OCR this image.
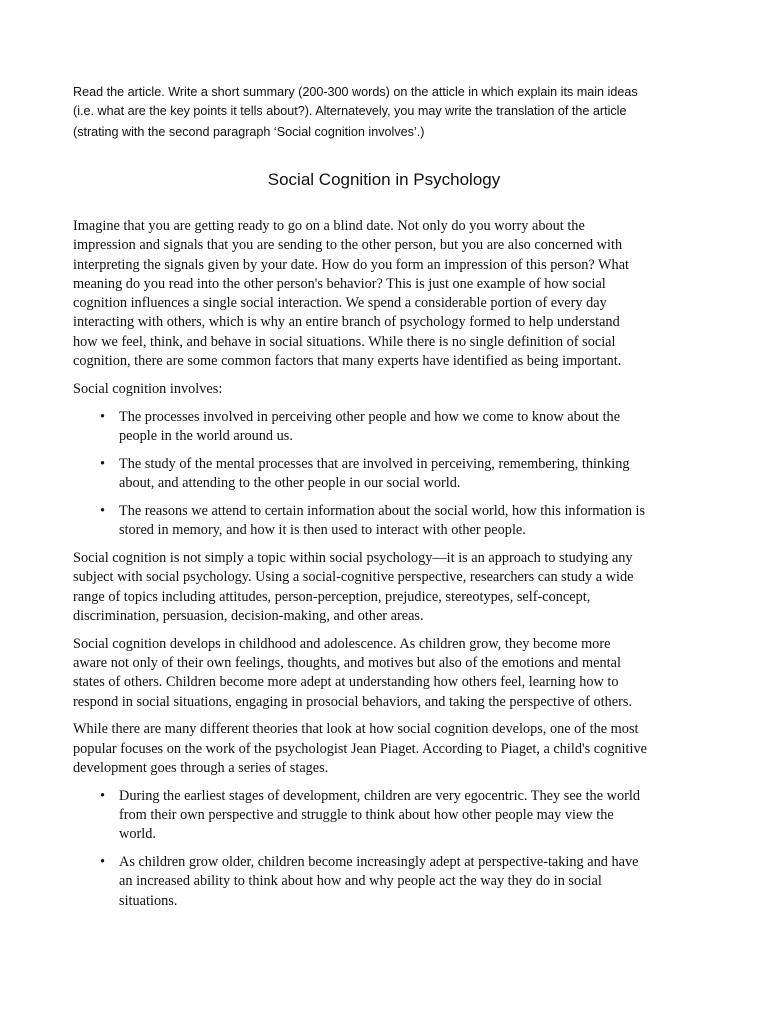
Read the article. Write a short summary (200-300 words) on the atticle in which explain its main ideas
(i.e. what are the key points it tells about?). Alternatevely, you may write the translation of the article
(strating with the second paragraph ‘Social cognition involves’.)
Social Cognition in Psychology

Imagine that you are getting ready to go on a blind date. Not only do you worry about the
impression and signals that you are sending to the other person, but you are also concerned with
interpreting the signals given by your date. How do you form an impression of this person? What
meaning do you read into the other person's behavior? This is just one example of how social
cognition influences a single social interaction. We spend a considerable portion of every day
interacting with others, which is why an entire branch of psychology formed to help understand
how we feel, think, and behave in social situations. While there is no single definition of social
cognition, there are some common factors that many experts have identified as being important.

Social cognition involves:

• The processes involved in perceiving other people and how we come to know about the
people in the world around us.
• The study of the mental processes that are involved in perceiving, remembering, thinking
about, and attending to the other people in our social world.
• The reasons we attend to certain information about the social world, how this information is
stored in memory, and how it is then used to interact with other people.

Social cognition is not simply a topic within social psychology—it is an approach to studying any
subject with social psychology. Using a social-cognitive perspective, researchers can study a wide
range of topics including attitudes, person-perception, prejudice, stereotypes, self-concept,
discrimination, persuasion, decision-making, and other areas.

Social cognition develops in childhood and adolescence. As children grow, they become more
aware not only of their own feelings, thoughts, and motives but also of the emotions and mental
states of others. Children become more adept at understanding how others feel, learning how to
respond in social situations, engaging in prosocial behaviors, and taking the perspective of others.

While there are many different theories that look at how social cognition develops, one of the most
popular focuses on the work of the psychologist Jean Piaget. According to Piaget, a child's cognitive
development goes through a series of stages.

• During the earliest stages of development, children are very egocentric. They see the world
from their own perspective and struggle to think about how other people may view the
world.
• As children grow older, children become increasingly adept at perspective-taking and have
an increased ability to think about how and why people act the way they do in social
situations.
